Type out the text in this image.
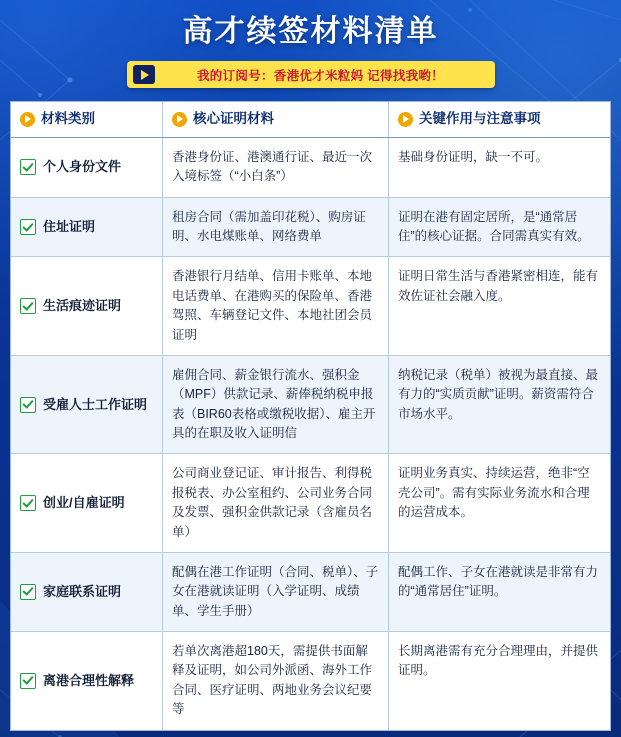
高才续签材料清单
我的订阅号：香港优才米粒妈 记得找我哟！
材料类别	核心证明材料	关键作用与注意事项
个人身份文件
香港身份证、港澳通行证、最近一次入境标签（“小白条”）
基础身份证明，缺一不可。
住址证明
租房合同（需加盖印花税）、购房证明、水电煤账单、网络费单
证明在港有固定居所，是“通常居住”的核心证据。合同需真实有效。
生活痕迹证明
香港银行月结单、信用卡账单、本地电话费单、在港购买的保险单、香港驾照、车辆登记文件、本地社团会员证明
证明日常生活与香港紧密相连，能有效佐证社会融入度。
受雇人士工作证明
雇佣合同、薪金银行流水、强积金（MPF）供款记录、薪俸税纳税申报表（BIR60表格或缴税收据）、雇主开具的在职及收入证明信
纳税记录（税单）被视为最直接、最有力的“实质贡献”证明。薪资需符合市场水平。
创业/自雇证明
公司商业登记证、审计报告、利得税报税表、办公室租约、公司业务合同及发票、强积金供款记录（含雇员名单）
证明业务真实、持续运营，绝非“空壳公司”。需有实际业务流水和合理的运营成本。
家庭联系证明
配偶在港工作证明（合同、税单）、子女在港就读证明（入学证明、成绩单、学生手册）
配偶工作、子女在港就读是非常有力的“通常居住”证明。
离港合理性解释
若单次离港超180天，需提供书面解释及证明，如公司外派函、海外工作合同、医疗证明、两地业务会议纪要等
长期离港需有充分合理理由，并提供证明。
